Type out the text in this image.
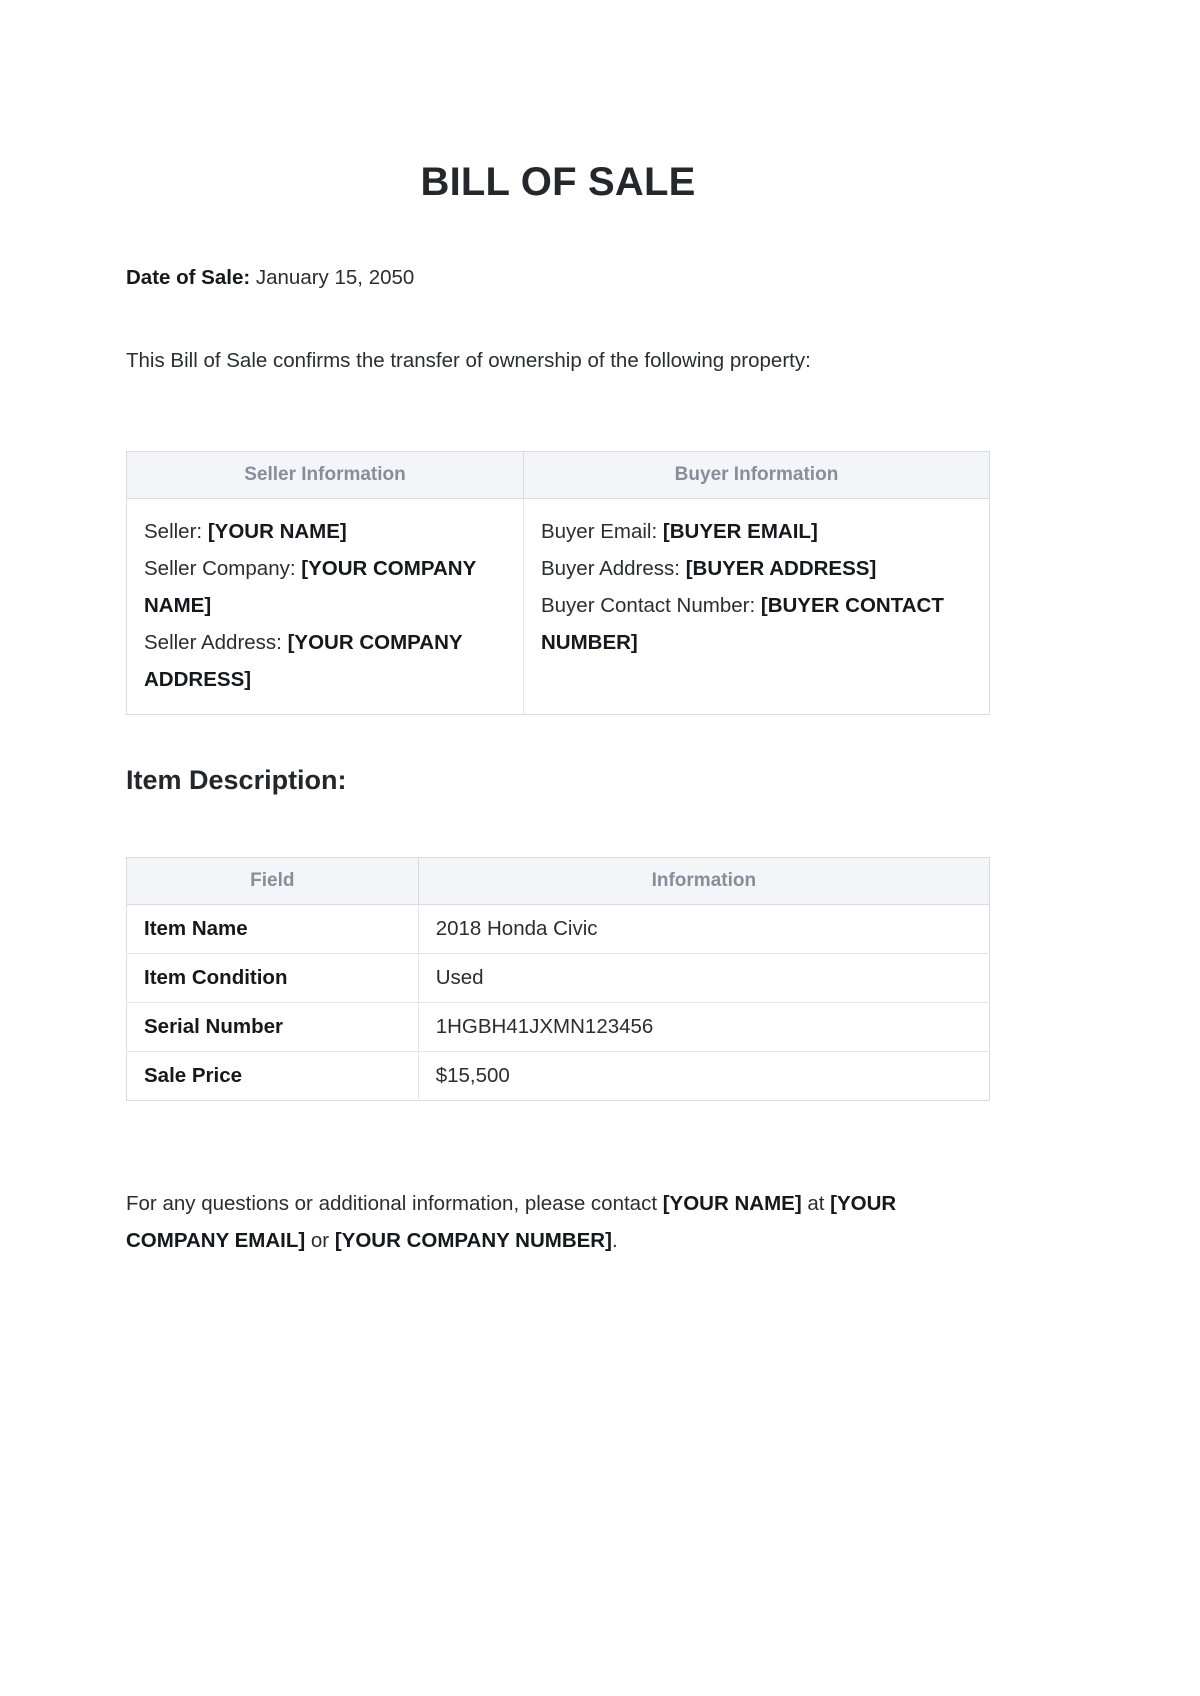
BILL OF SALE

Date of Sale: January 15, 2050

This Bill of Sale confirms the transfer of ownership of the following property:

Seller Information	Buyer Information

Seller: [YOUR NAME]
Seller Company: [YOUR COMPANY NAME]
Seller Address: [YOUR COMPANY ADDRESS]

Buyer Email: [BUYER EMAIL]
Buyer Address: [BUYER ADDRESS]
Buyer Contact Number: [BUYER CONTACT NUMBER]
Item Description:
Field	Information
Item Name	2018 Honda Civic
Item Condition	Used
Serial Number	1HGBH41JXMN123456
Sale Price	$15,500

For any questions or additional information, please contact [YOUR NAME] at [YOUR COMPANY EMAIL] or [YOUR COMPANY NUMBER].
